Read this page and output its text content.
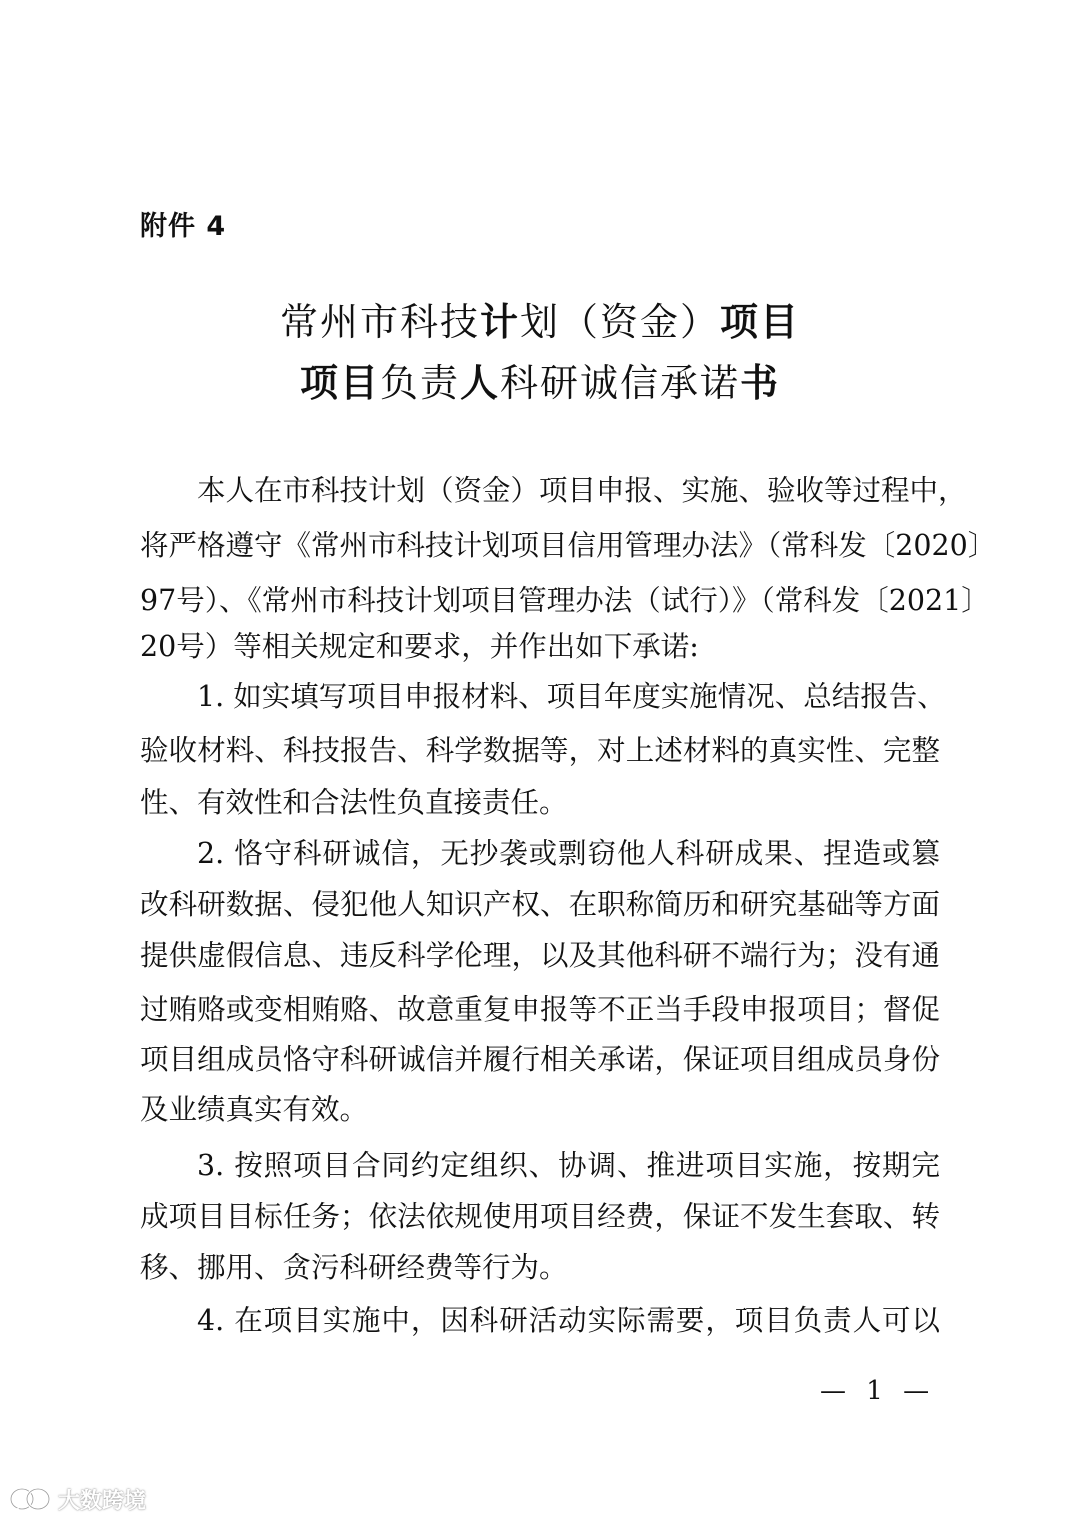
附件 4
常州市科技计划（资金）项目
项目负责人科研诚信承诺书
本人在市科技计划（资金）项目申报、实施、验收等过程中，
将严格遵守《常州市科技计划项目信用管理办法》（常科发〔2020〕
97号）、《常州市科技计划项目管理办法（试行）》（常科发〔2021〕
20号）等相关规定和要求，并作出如下承诺:
1. 如实填写项目申报材料、项目年度实施情况、总结报告、
验收材料、科技报告、科学数据等，对上述材料的真实性、完整
性、有效性和合法性负直接责任。
2. 恪守科研诚信，无抄袭或剽窃他人科研成果、捏造或篡
改科研数据、侵犯他人知识产权、在职称简历和研究基础等方面
提供虚假信息、违反科学伦理，以及其他科研不端行为；没有通
过贿赂或变相贿赂、故意重复申报等不正当手段申报项目；督促
项目组成员恪守科研诚信并履行相关承诺，保证项目组成员身份
及业绩真实有效。
3. 按照项目合同约定组织、协调、推进项目实施，按期完
成项目目标任务；依法依规使用项目经费，保证不发生套取、转
移、挪用、贪污科研经费等行为。
4. 在项目实施中，因科研活动实际需要，项目负责人可以
— 1 —
大数跨境
